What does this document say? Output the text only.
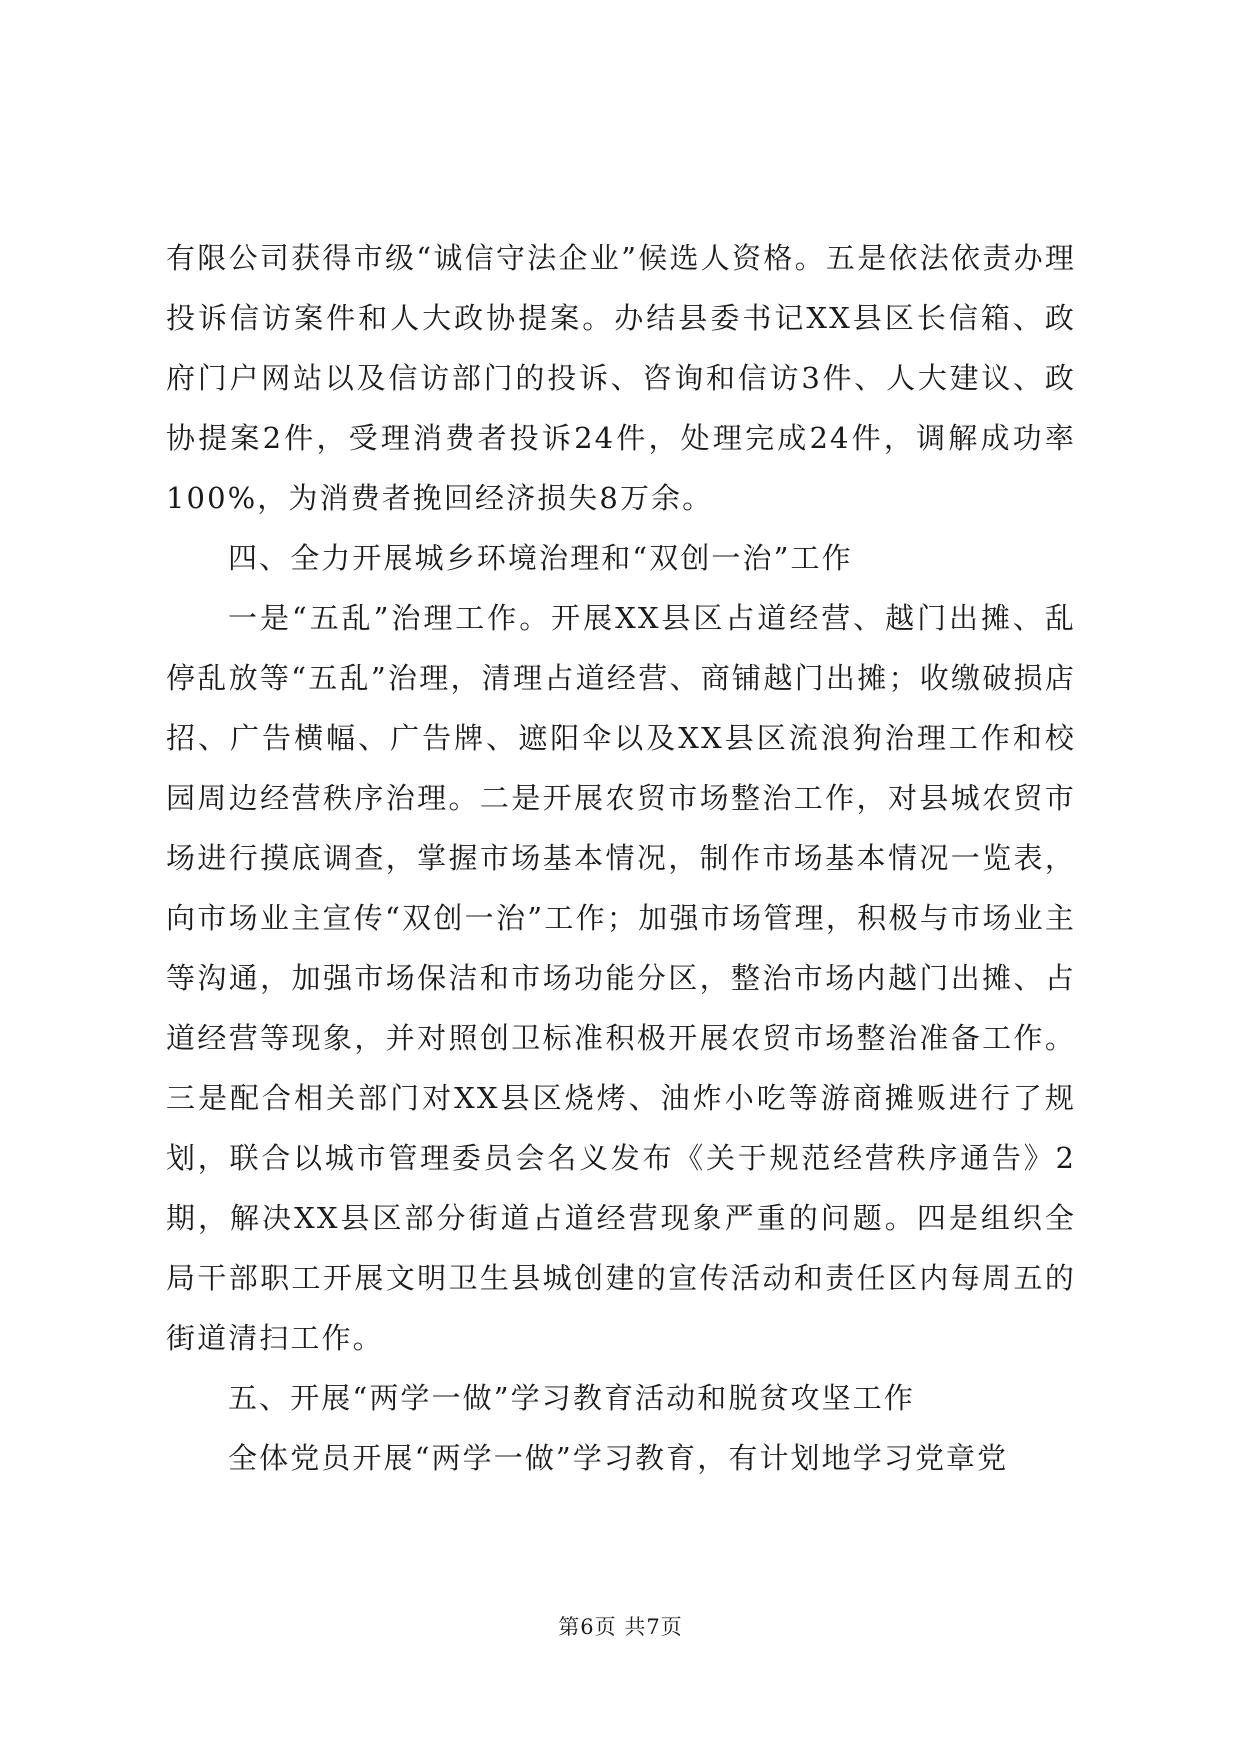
有限公司获得市级“诚信守法企业”候选人资格。五是依法依责办理投诉信访案件和人大政协提案。办结县委书记XX县区长信箱、政府门户网站以及信访部门的投诉、咨询和信访3件、人大建议、政协提案2件，受理消费者投诉24件，处理完成24件，调解成功率100%，为消费者挽回经济损失8万余。

四、全力开展城乡环境治理和“双创一治”工作

一是“五乱”治理工作。开展XX县区占道经营、越门出摊、乱停乱放等“五乱”治理，清理占道经营、商铺越门出摊；收缴破损店招、广告横幅、广告牌、遮阳伞以及XX县区流浪狗治理工作和校园周边经营秩序治理。二是开展农贸市场整治工作，对县城农贸市场进行摸底调查，掌握市场基本情况，制作市场基本情况一览表，向市场业主宣传“双创一治”工作；加强市场管理，积极与市场业主等沟通，加强市场保洁和市场功能分区，整治市场内越门出摊、占道经营等现象，并对照创卫标准积极开展农贸市场整治准备工作。三是配合相关部门对XX县区烧烤、油炸小吃等游商摊贩进行了规划，联合以城市管理委员会名义发布《关于规范经营秩序通告》2期，解决XX县区部分街道占道经营现象严重的问题。四是组织全局干部职工开展文明卫生县城创建的宣传活动和责任区内每周五的街道清扫工作。

五、开展“两学一做”学习教育活动和脱贫攻坚工作

全体党员开展“两学一做”学习教育，有计划地学习党章党

第6页 共7页
